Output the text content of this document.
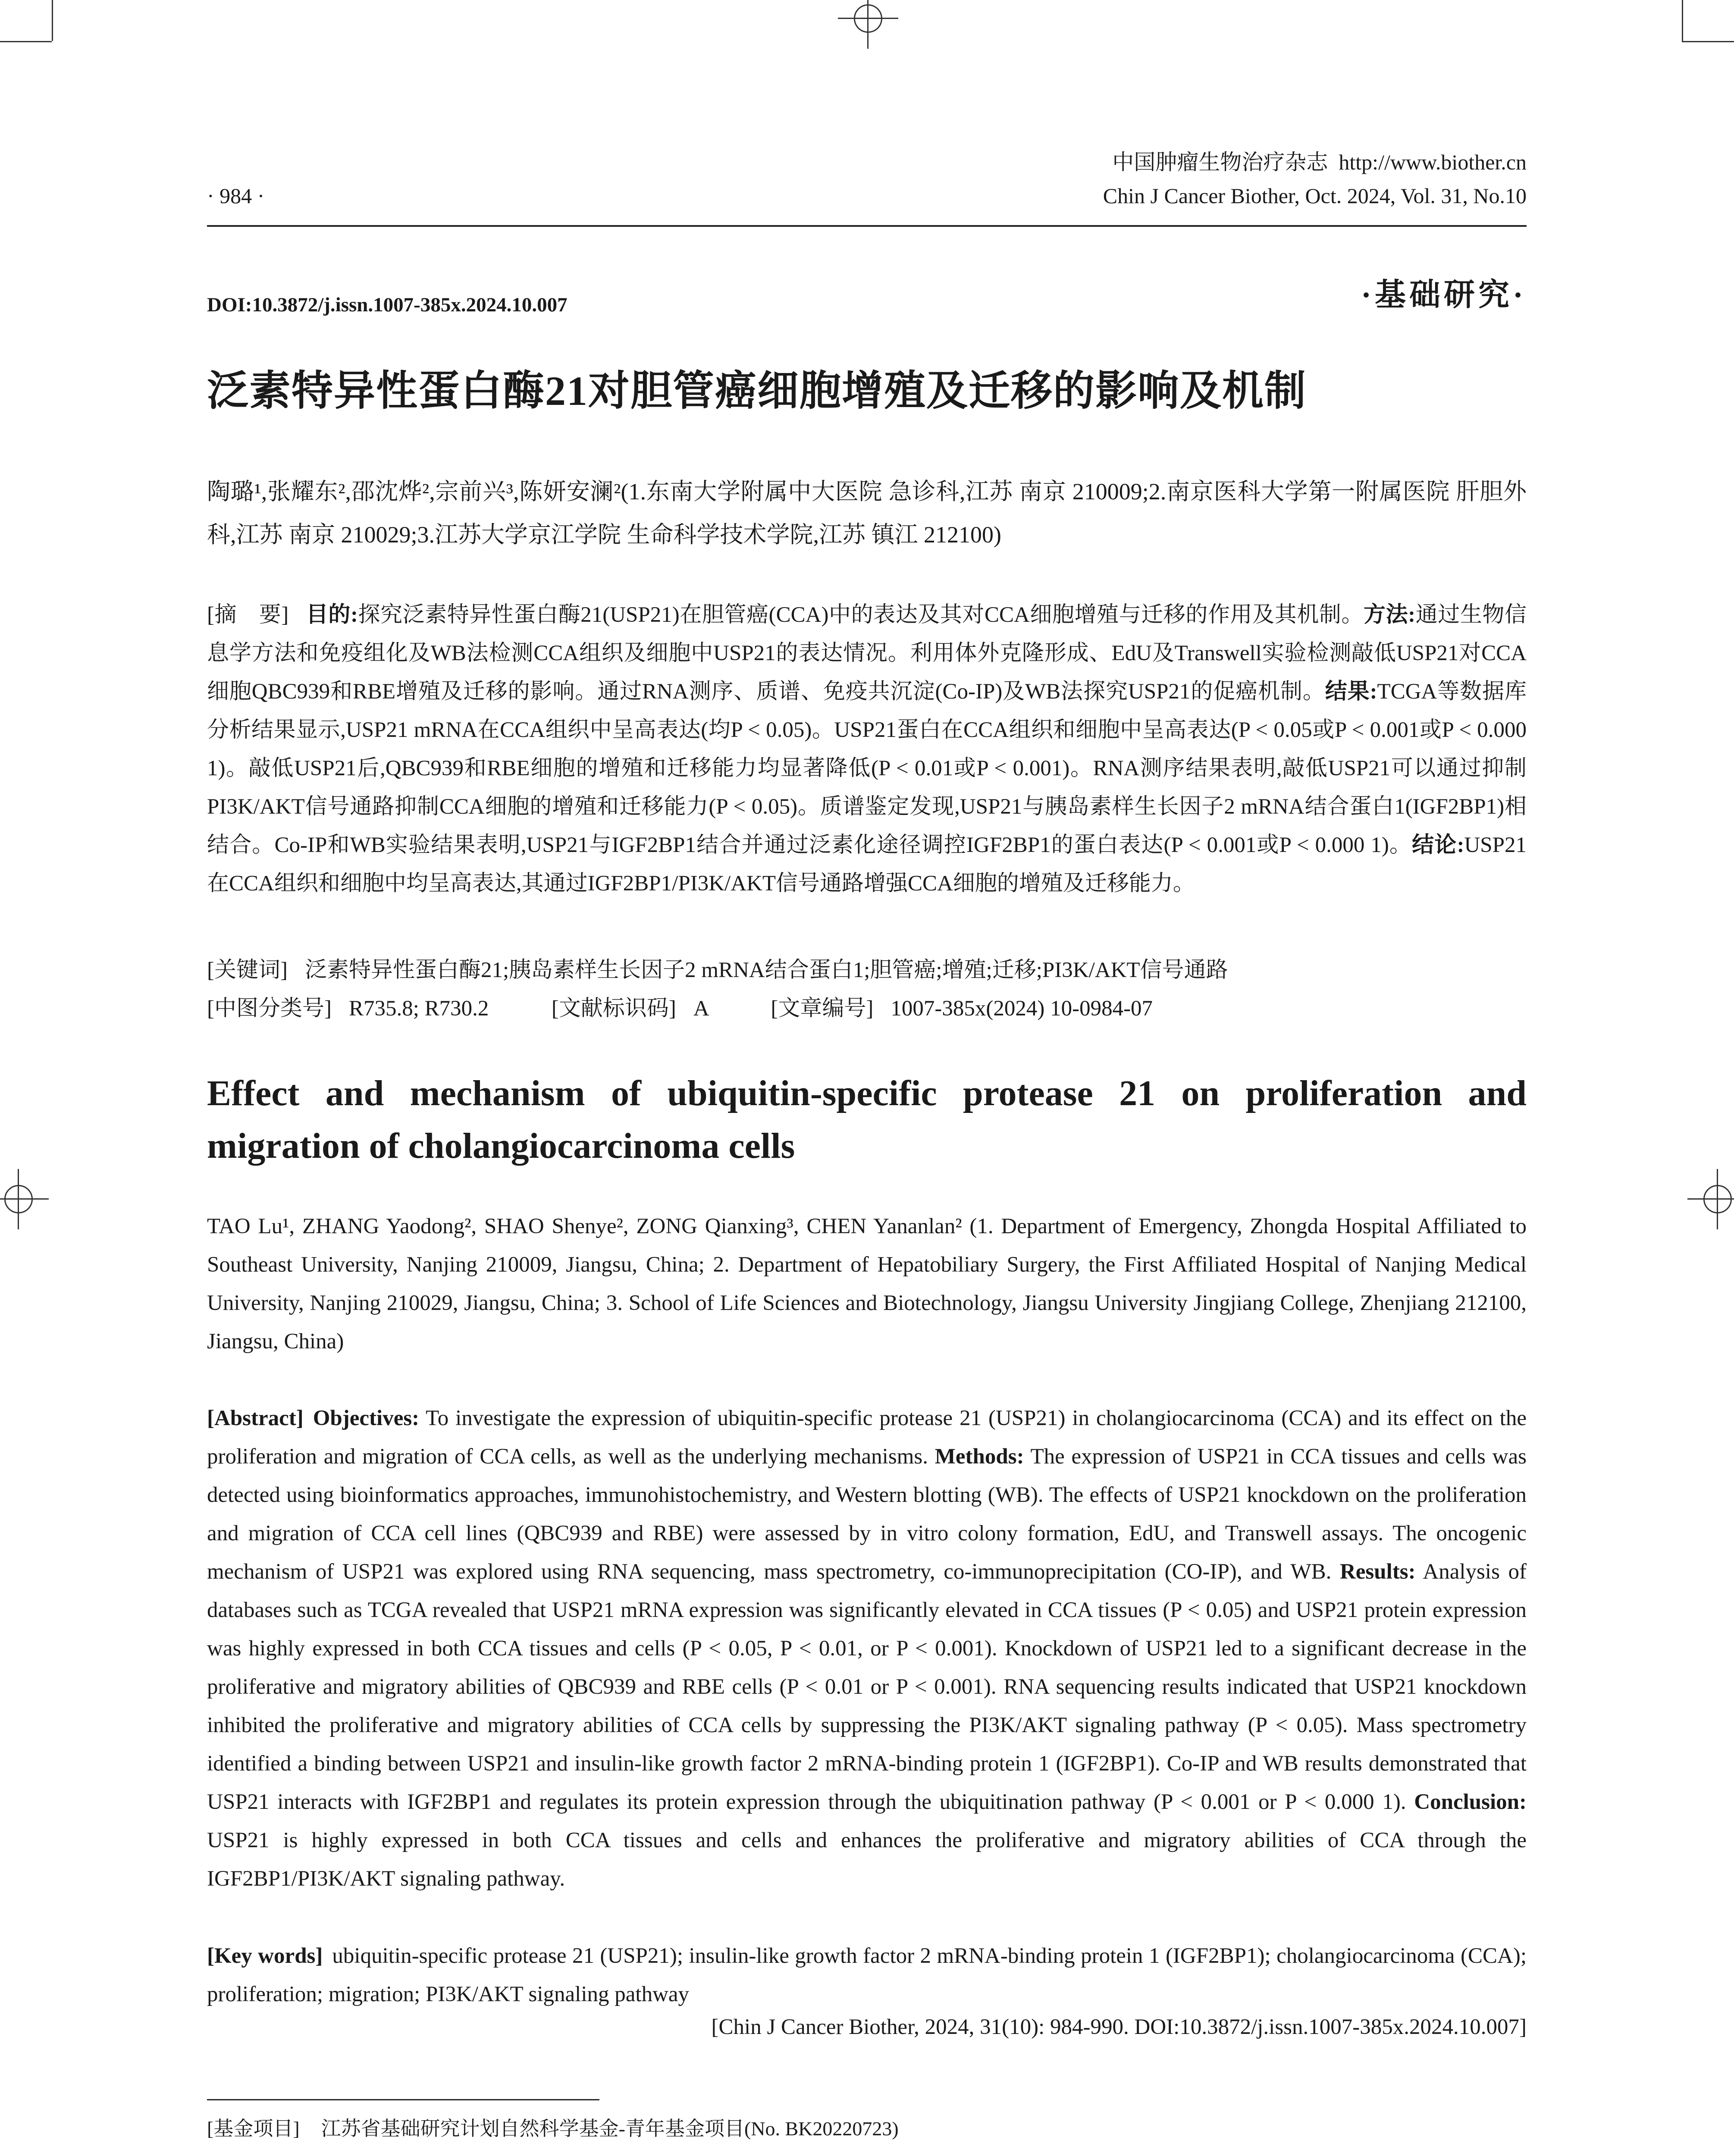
· 984 ·
中国肿瘤生物治疗杂志 http://www.biother.cn
Chin J Cancer Biother, Oct. 2024, Vol. 31, No.10
DOI:10.3872/j.issn.1007-385x.2024.10.007	·基础研究·
泛素特异性蛋白酶21对胆管癌细胞增殖及迁移的影响及机制
陶璐¹,张耀东²,邵沈烨²,宗前兴³,陈妍安澜²(1.东南大学附属中大医院 急诊科,江苏 南京 210009;2.南京医科大学第一附属医院 肝胆外科,江苏 南京 210029;3.江苏大学京江学院 生命科学技术学院,江苏 镇江 212100)
[摘　要] 目的:探究泛素特异性蛋白酶21(USP21)在胆管癌(CCA)中的表达及其对CCA细胞增殖与迁移的作用及其机制。方法:通过生物信息学方法和免疫组化及WB法检测CCA组织及细胞中USP21的表达情况。利用体外克隆形成、EdU及Transwell实验检测敲低USP21对CCA细胞QBC939和RBE增殖及迁移的影响。通过RNA测序、质谱、免疫共沉淀(Co-IP)及WB法探究USP21的促癌机制。结果:TCGA等数据库分析结果显示,USP21 mRNA在CCA组织中呈高表达(均P < 0.05)。USP21蛋白在CCA组织和细胞中呈高表达(P < 0.05或P < 0.001或P < 0.000 1)。敲低USP21后,QBC939和RBE细胞的增殖和迁移能力均显著降低(P < 0.01或P < 0.001)。RNA测序结果表明,敲低USP21可以通过抑制PI3K/AKT信号通路抑制CCA细胞的增殖和迁移能力(P < 0.05)。质谱鉴定发现,USP21与胰岛素样生长因子2 mRNA结合蛋白1(IGF2BP1)相结合。Co-IP和WB实验结果表明,USP21与IGF2BP1结合并通过泛素化途径调控IGF2BP1的蛋白表达(P < 0.001或P < 0.000 1)。结论:USP21在CCA组织和细胞中均呈高表达,其通过IGF2BP1/PI3K/AKT信号通路增强CCA细胞的增殖及迁移能力。
[关键词] 泛素特异性蛋白酶21;胰岛素样生长因子2 mRNA结合蛋白1;胆管癌;增殖;迁移;PI3K/AKT信号通路
[中图分类号] R735.8; R730.2	[文献标识码] A	[文章编号] 1007-385x(2024) 10-0984-07
Effect and mechanism of ubiquitin-specific protease 21 on proliferation and migration of cholangiocarcinoma cells
TAO Lu¹, ZHANG Yaodong², SHAO Shenye², ZONG Qianxing³, CHEN Yananlan² (1. Department of Emergency, Zhongda Hospital Affiliated to Southeast University, Nanjing 210009, Jiangsu, China; 2. Department of Hepatobiliary Surgery, the First Affiliated Hospital of Nanjing Medical University, Nanjing 210029, Jiangsu, China; 3. School of Life Sciences and Biotechnology, Jiangsu University Jingjiang College, Zhenjiang 212100, Jiangsu, China)
[Abstract] Objectives: To investigate the expression of ubiquitin-specific protease 21 (USP21) in cholangiocarcinoma (CCA) and its effect on the proliferation and migration of CCA cells, as well as the underlying mechanisms. Methods: The expression of USP21 in CCA tissues and cells was detected using bioinformatics approaches, immunohistochemistry, and Western blotting (WB). The effects of USP21 knockdown on the proliferation and migration of CCA cell lines (QBC939 and RBE) were assessed by in vitro colony formation, EdU, and Transwell assays. The oncogenic mechanism of USP21 was explored using RNA sequencing, mass spectrometry, co-immunoprecipitation (CO-IP), and WB. Results: Analysis of databases such as TCGA revealed that USP21 mRNA expression was significantly elevated in CCA tissues (P < 0.05) and USP21 protein expression was highly expressed in both CCA tissues and cells (P < 0.05, P < 0.01, or P < 0.001). Knockdown of USP21 led to a significant decrease in the proliferative and migratory abilities of QBC939 and RBE cells (P < 0.01 or P < 0.001). RNA sequencing results indicated that USP21 knockdown inhibited the proliferative and migratory abilities of CCA cells by suppressing the PI3K/AKT signaling pathway (P < 0.05). Mass spectrometry identified a binding between USP21 and insulin-like growth factor 2 mRNA-binding protein 1 (IGF2BP1). Co-IP and WB results demonstrated that USP21 interacts with IGF2BP1 and regulates its protein expression through the ubiquitination pathway (P < 0.001 or P < 0.000 1). Conclusion: USP21 is highly expressed in both CCA tissues and cells and enhances the proliferative and migratory abilities of CCA through the IGF2BP1/PI3K/AKT signaling pathway.
[Key words] ubiquitin-specific protease 21 (USP21); insulin-like growth factor 2 mRNA-binding protein 1 (IGF2BP1); cholangiocarcinoma (CCA); proliferation; migration; PI3K/AKT signaling pathway
[Chin J Cancer Biother, 2024, 31(10): 984-990. DOI:10.3872/j.issn.1007-385x.2024.10.007]
[基金项目] 江苏省基础研究计划自然科学基金-青年基金项目(No. BK20220723)
